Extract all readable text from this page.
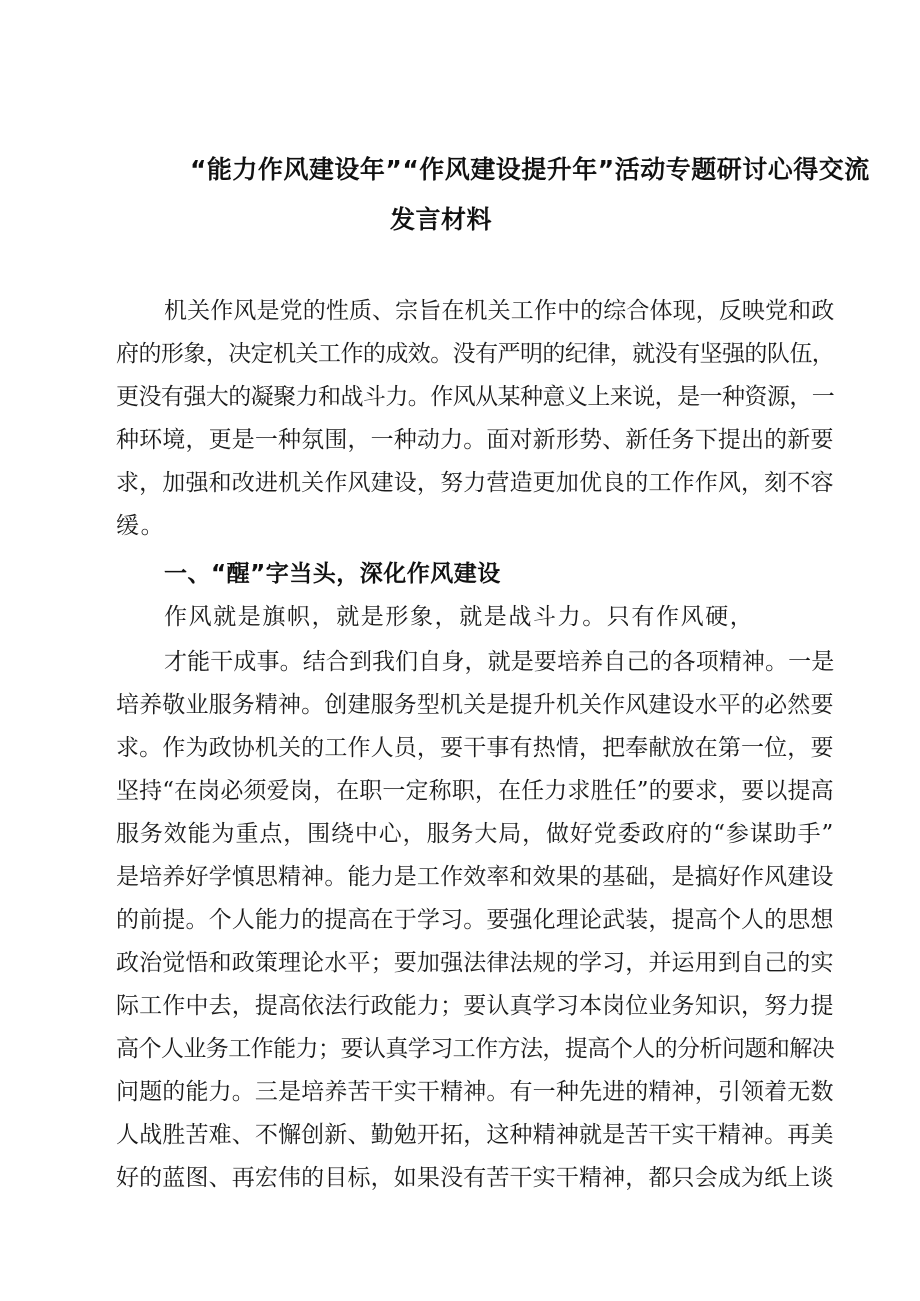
“能力作风建设年”“作风建设提升年”活动专题研讨心得交流
发言材料
机关作风是党的性质、宗旨在机关工作中的综合体现，反映党和政
府的形象，决定机关工作的成效。没有严明的纪律，就没有坚强的队伍，
更没有强大的凝聚力和战斗力。作风从某种意义上来说，是一种资源，一
种环境，更是一种氛围，一种动力。面对新形势、新任务下提出的新要
求，加强和改进机关作风建设，努力营造更加优良的工作作风，刻不容
缓。
一、“醒”字当头，深化作风建设
作风就是旗帜，就是形象，就是战斗力。只有作风硬，
才能干成事。结合到我们自身，就是要培养自己的各项精神。一是
培养敬业服务精神。创建服务型机关是提升机关作风建设水平的必然要
求。作为政协机关的工作人员，要干事有热情，把奉献放在第一位，要
坚持“在岗必须爱岗，在职一定称职，在任力求胜任”的要求，要以提高
服务效能为重点，围绕中心，服务大局，做好党委政府的“参谋助手”
是培养好学慎思精神。能力是工作效率和效果的基础，是搞好作风建设
的前提。个人能力的提高在于学习。要强化理论武装，提高个人的思想
政治觉悟和政策理论水平；要加强法律法规的学习，并运用到自己的实
际工作中去，提高依法行政能力；要认真学习本岗位业务知识，努力提
高个人业务工作能力；要认真学习工作方法，提高个人的分析问题和解决
问题的能力。三是培养苦干实干精神。有一种先进的精神，引领着无数
人战胜苦难、不懈创新、勤勉开拓，这种精神就是苦干实干精神。再美
好的蓝图、再宏伟的目标，如果没有苦干实干精神，都只会成为纸上谈
